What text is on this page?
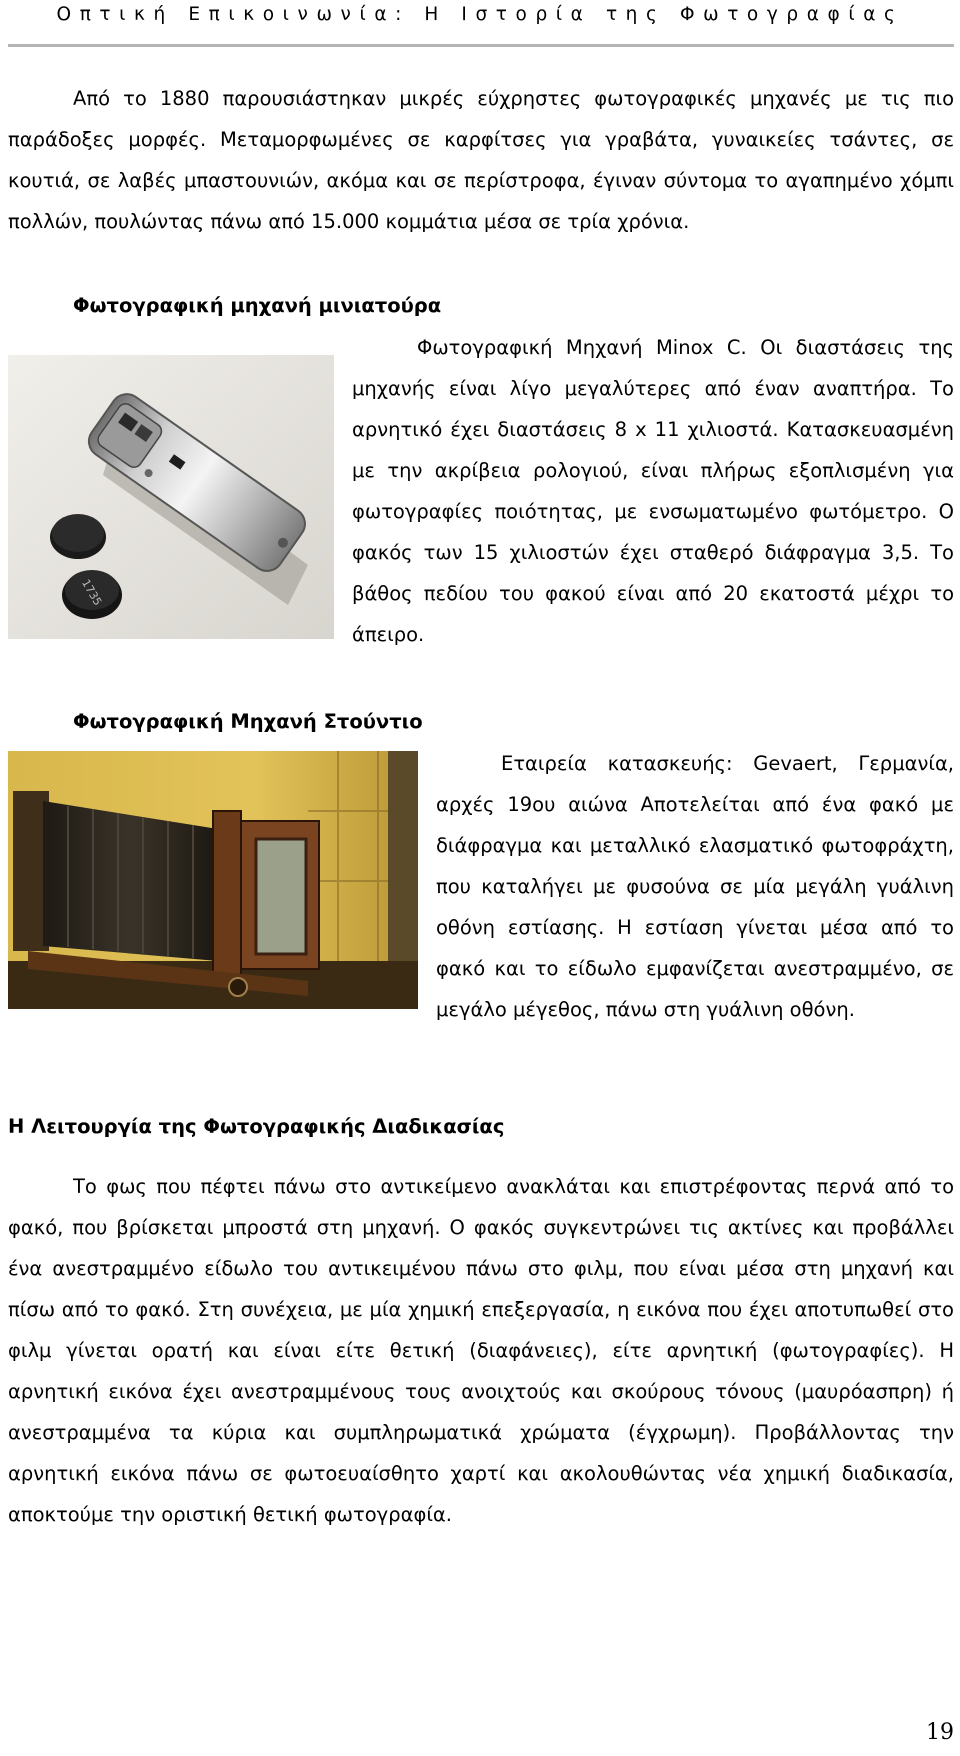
Οπτική Επικοινωνία: Η Ιστορία της Φωτογραφίας

Από το 1880 παρουσιάστηκαν μικρές εύχρηστες φωτογραφικές μηχανές με τις πιο παράδοξες μορφές. Μεταμορφωμένες σε καρφίτσες για γραβάτα, γυναικείες τσάντες, σε κουτιά, σε λαβές μπαστουνιών, ακόμα και σε περίστροφα, έγιναν σύντομα το αγαπημένο χόμπι πολλών, πουλώντας πάνω από 15.000 κομμάτια μέσα σε τρία χρόνια.

Φωτογραφική μηχανή μινιατούρα
1735

Φωτογραφική Μηχανή Minox C. Οι διαστάσεις της
μηχανής είναι λίγο μεγαλύτερες από έναν αναπτήρα. Το
αρνητικό έχει διαστάσεις 8 x 11 χιλιοστά. Κατασκευασμένη
με την ακρίβεια ρολογιού, είναι πλήρως εξοπλισμένη για
φωτογραφίες ποιότητας, με ενσωματωμένο φωτόμετρο. Ο
φακός των 15 χιλιοστών έχει σταθερό διάφραγμα 3,5. Το
βάθος πεδίου του φακού είναι από 20 εκατοστά μέχρι το
άπειρο.

Φωτογραφική Μηχανή Στούντιο

Εταιρεία κατασκευής: Gevaert, Γερμανία,
αρχές 19ου αιώνα Αποτελείται από ένα φακό με
διάφραγμα και μεταλλικό ελασματικό φωτοφράχτη,
που καταλήγει με φυσούνα σε μία μεγάλη γυάλινη
οθόνη εστίασης. Η εστίαση γίνεται μέσα από το
φακό και το είδωλο εμφανίζεται ανεστραμμένο, σε
μεγάλο μέγεθος, πάνω στη γυάλινη οθόνη.

Η Λειτουργία της Φωτογραφικής Διαδικασίας

Το φως που πέφτει πάνω στο αντικείμενο ανακλάται και επιστρέφοντας περνά από το φακό, που βρίσκεται μπροστά στη μηχανή. Ο φακός συγκεντρώνει τις ακτίνες και προβάλλει ένα ανεστραμμένο είδωλο του αντικειμένου πάνω στο φιλμ, που είναι μέσα στη μηχανή και πίσω από το φακό. Στη συνέχεια, με μία χημική επεξεργασία, η εικόνα που έχει αποτυπωθεί στο φιλμ γίνεται ορατή και είναι είτε θετική (διαφάνειες), είτε αρνητική (φωτογραφίες). Η αρνητική εικόνα έχει ανεστραμμένους τους ανοιχτούς και σκούρους τόνους (μαυρόασπρη) ή ανεστραμμένα τα κύρια και συμπληρωματικά χρώματα (έγχρωμη). Προβάλλοντας την αρνητική εικόνα πάνω σε φωτοευαίσθητο χαρτί και ακολουθώντας νέα χημική διαδικασία, αποκτούμε την οριστική θετική φωτογραφία.

19
